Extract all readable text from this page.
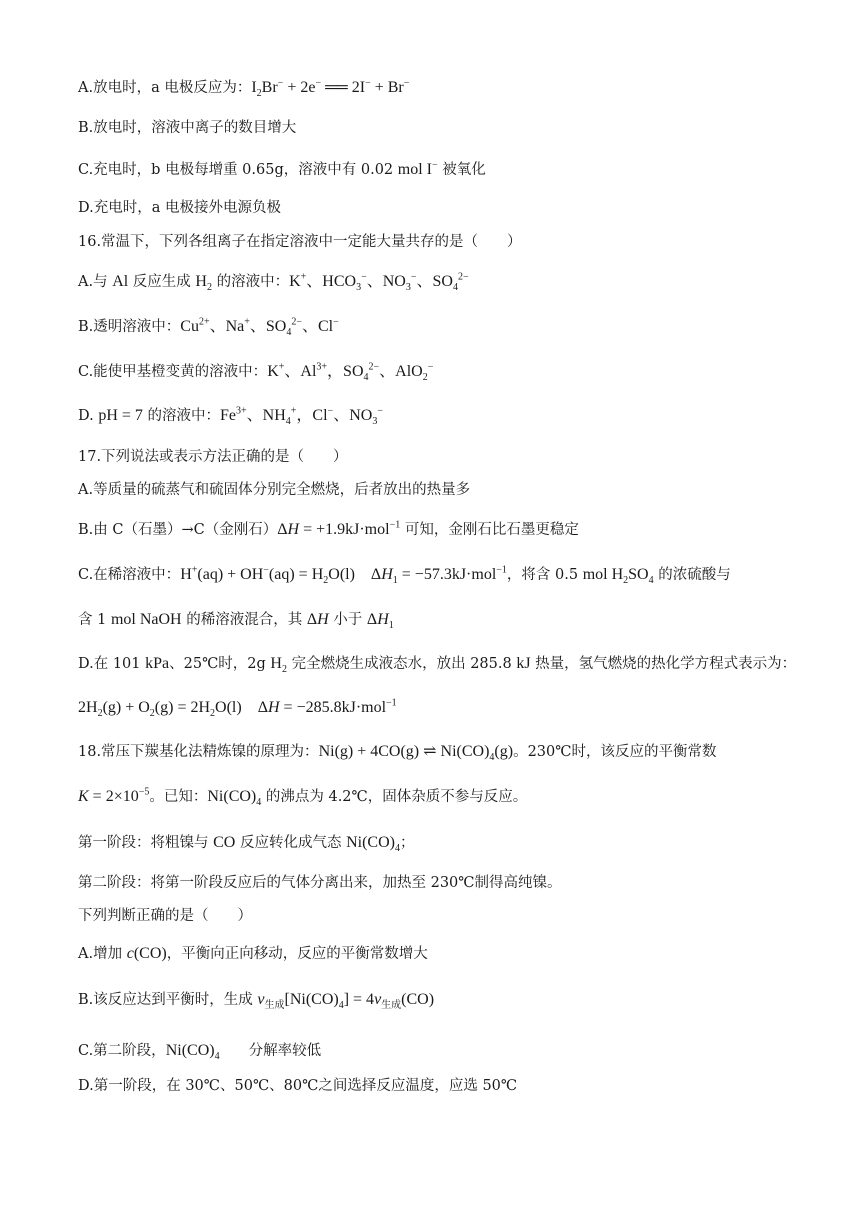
A.放电时，a 电极反应为：$I_2Br^- + 2e^-$ ══ 2I− + Br−
B.放电时，溶液中离子的数目增大
C.充电时，b 电极每增重 0.65g，溶液中有 0.02 mol I− 被氧化
D.充电时，a 电极接外电源负极
16.常温下，下列各组离子在指定溶液中一定能大量共存的是（　　）
A.与 Al 反应生成 $H_2$ 的溶液中：K+、$HCO_3^-$、$NO_3^-$、$SO_4^{2-}$
B.透明溶液中：$Cu^{2+}$、Na+、$SO_4^{2-}$、Cl−
C.能使甲基橙变黄的溶液中：K+、$Al^{3+}$，$SO_4^{2-}$、AlO$_2$−
D. pH = 7 的溶液中：$Fe^{3+}$、$NH_4^+$，Cl−、$NO_3^-$
17.下列说法或表示方法正确的是（　　）
A.等质量的硫蒸气和硫固体分别完全燃烧，后者放出的热量多
B.由 C（石墨）→C（金刚石）ΔH = +1.9kJ·mol$^{-1}$ 可知，金刚石比石墨更稳定
C.在稀溶液中：$H^+(aq) + OH^-(aq) = H_2O(l)$　$\Delta H_1 = -57.3kJ\cdot mol^{-1}$，将含 0.5 mol $H_2SO_4$ 的浓硫酸与
含 1 mol NaOH 的稀溶液混合，其 ΔH 小于 $\Delta H_1$
D.在 101 kPa、25℃时，2g $H_2$ 完全燃烧生成液态水，放出 285.8 kJ 热量，氢气燃烧的热化学方程式表示为：
$2H_2(g) + O_2(g) = 2H_2O(l)$　ΔH = −285.8kJ·mol$^{-1}$
18.常压下羰基化法精炼镍的原理为：Ni(g) + 4CO(g) ⇌ $Ni(CO)_4(g)$。230℃时，该反应的平衡常数
$K = 2\times 10^{-5}$。已知：$Ni(CO)_4$ 的沸点为 4.2℃，固体杂质不参与反应。
第一阶段：将粗镍与 CO 反应转化成气态 $Ni(CO)_4$；
第二阶段：将第一阶段反应后的气体分离出来，加热至 230℃制得高纯镍。
下列判断正确的是（　　）
A.增加 c(CO)，平衡向正向移动，反应的平衡常数增大
B.该反应达到平衡时，生成 $v_{生成}[Ni(CO)_4] = 4v_{生成}(CO)$
C.第二阶段，$Ni(CO)_4$　　分解率较低
D.第一阶段，在 30℃、50℃、80℃之间选择反应温度，应选 50℃
